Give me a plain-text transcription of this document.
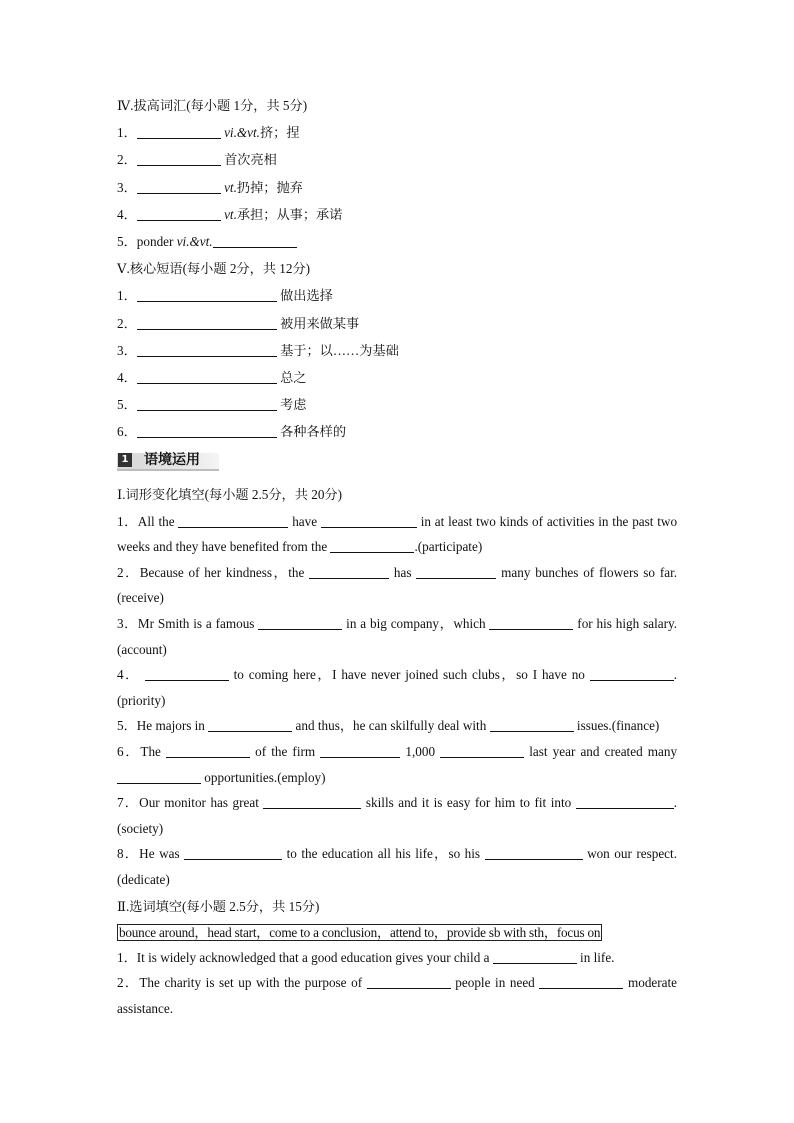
Ⅳ.拔高词汇(每小题 1分，共 5分)
1．	vi.&vt.挤；捏
2．	首次亮相
3．	vt.扔掉；抛弃
4．	vt.承担；从事；承诺
5．ponder vi.&vt.
Ⅴ.核心短语(每小题 2分，共 12分)
1．	做出选择
2．	被用来做某事
3．	基于；以……为基础
4．	总之
5．	考虑
6．	各种各样的
1 语境运用
Ⅰ.词形变化填空(每小题 2.5分，共 20分)
1．All the	have	in at least two kinds of activities in the past two weeks and they have benefited from the	.(participate)
2．Because of her kindness，the	has	many bunches of flowers so far.(receive)
3．Mr Smith is a famous	in a big company，which	for his high salary.(account)
4．	to coming here，I have never joined such clubs，so I have no	.(priority)
5．He majors in	and thus，he can skilfully deal with	issues.(finance)
6．The	of the firm	1,000	last year and created many  opportunities.(employ)
7．Our monitor has great	skills and it is easy for him to fit into	.(society)
8．He was	to the education all his life，so his	won our respect.(dedicate)
Ⅱ.选词填空(每小题 2.5分，共 15分)
bounce around，head start，come to a conclusion，attend to，provide sb with sth，focus on
1．It is widely acknowledged that a good education gives your child a	in life.
2．The charity is set up with the purpose of	people in need	moderate assistance.
